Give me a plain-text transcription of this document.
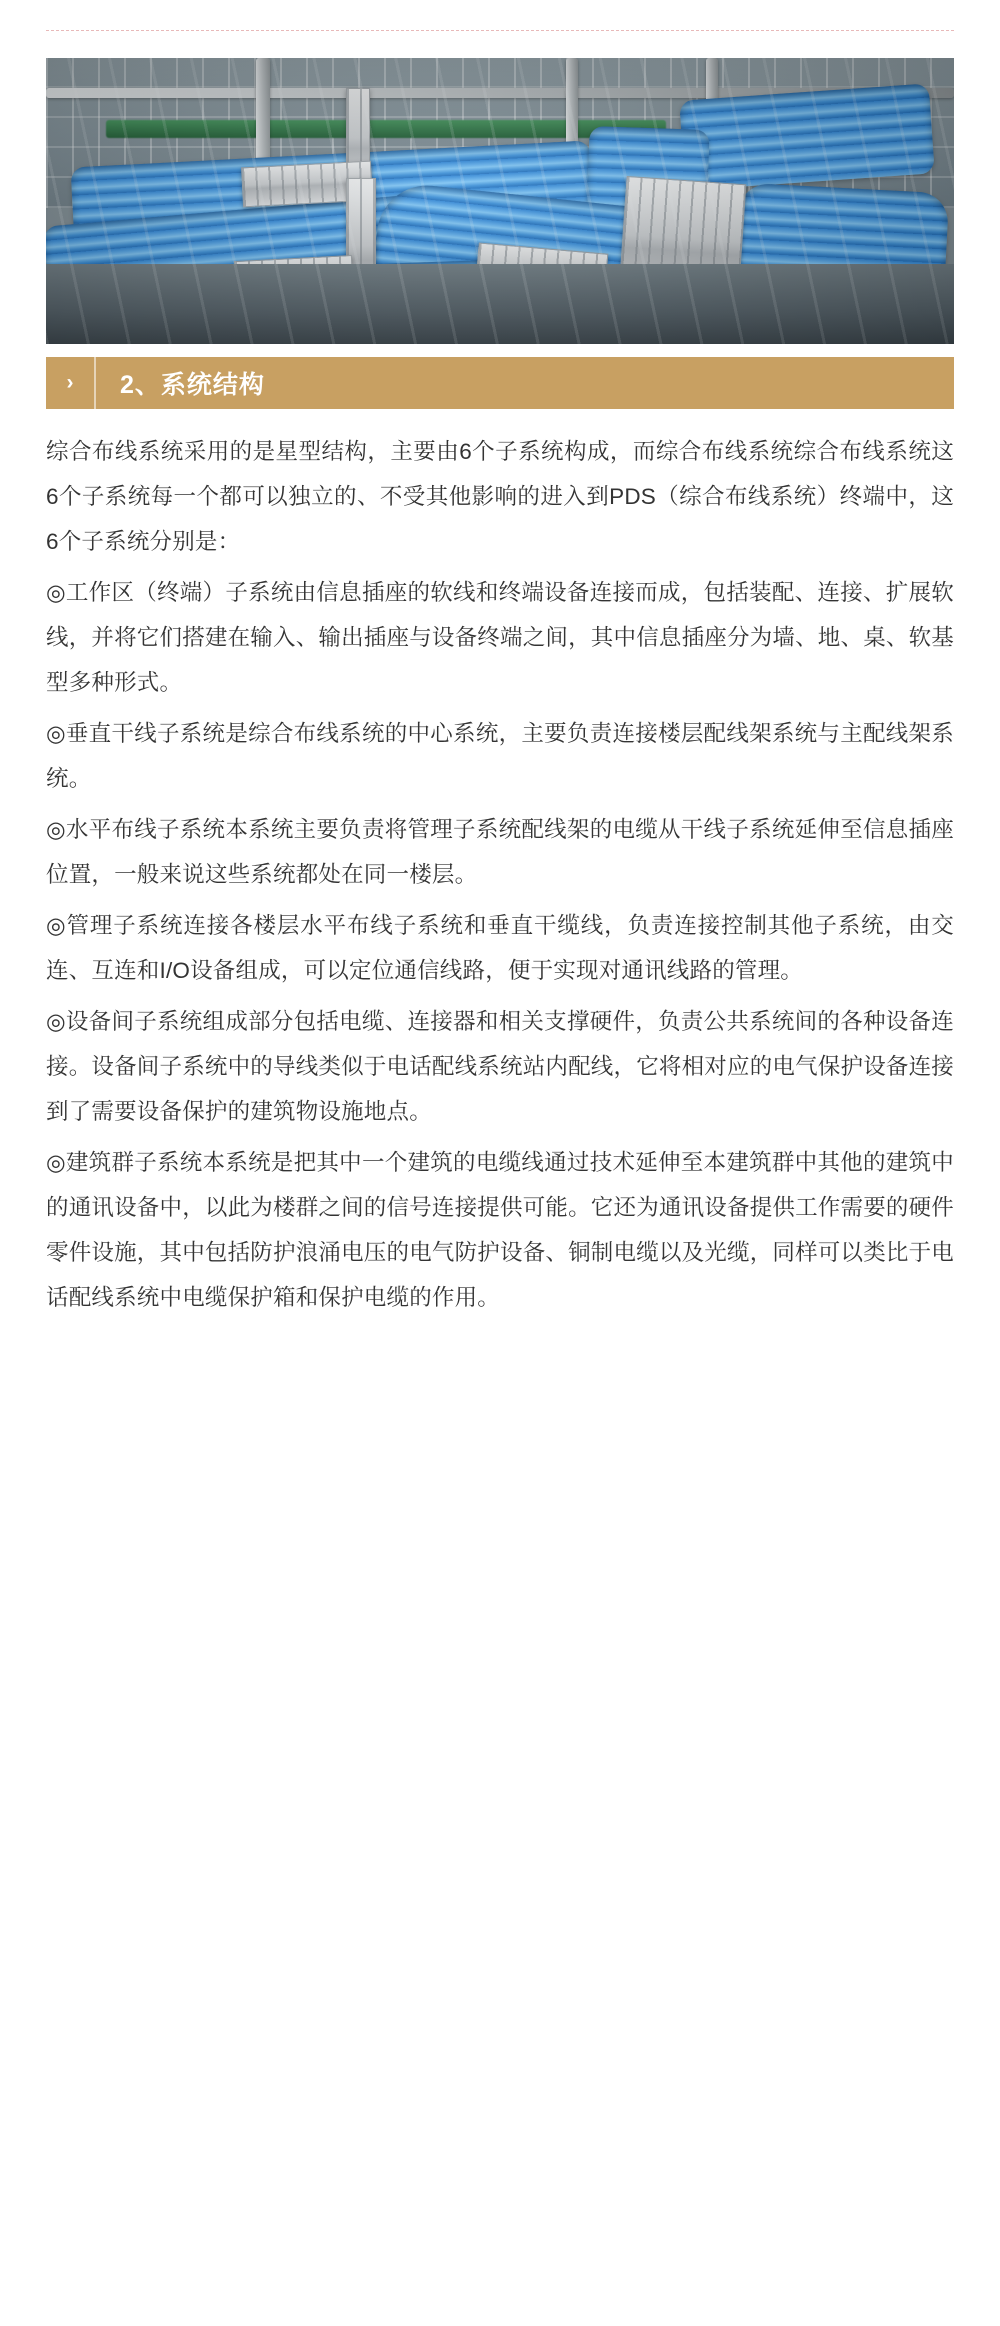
›	2、系统结构

综合布线系统采用的是星型结构，主要由6个子系统构成，而综合布线系统综合布线系统这6个子系统每一个都可以独立的、不受其他影响的进入到PDS（综合布线系统）终端中，这6个子系统分别是：

◎工作区（终端）子系统由信息插座的软线和终端设备连接而成，包括装配、连接、扩展软线，并将它们搭建在输入、输出插座与设备终端之间，其中信息插座分为墙、地、桌、软基型多种形式。

◎垂直干线子系统是综合布线系统的中心系统，主要负责连接楼层配线架系统与主配线架系统。

◎水平布线子系统本系统主要负责将管理子系统配线架的电缆从干线子系统延伸至信息插座位置，一般来说这些系统都处在同一楼层。

◎管理子系统连接各楼层水平布线子系统和垂直干缆线，负责连接控制其他子系统，由交连、互连和I/O设备组成，可以定位通信线路，便于实现对通讯线路的管理。

◎设备间子系统组成部分包括电缆、连接器和相关支撑硬件，负责公共系统间的各种设备连接。设备间子系统中的导线类似于电话配线系统站内配线，它将相对应的电气保护设备连接到了需要设备保护的建筑物设施地点。

◎建筑群子系统本系统是把其中一个建筑的电缆线通过技术延伸至本建筑群中其他的建筑中的通讯设备中，以此为楼群之间的信号连接提供可能。它还为通讯设备提供工作需要的硬件零件设施，其中包括防护浪涌电压的电气防护设备、铜制电缆以及光缆，同样可以类比于电话配线系统中电缆保护箱和保护电缆的作用。
